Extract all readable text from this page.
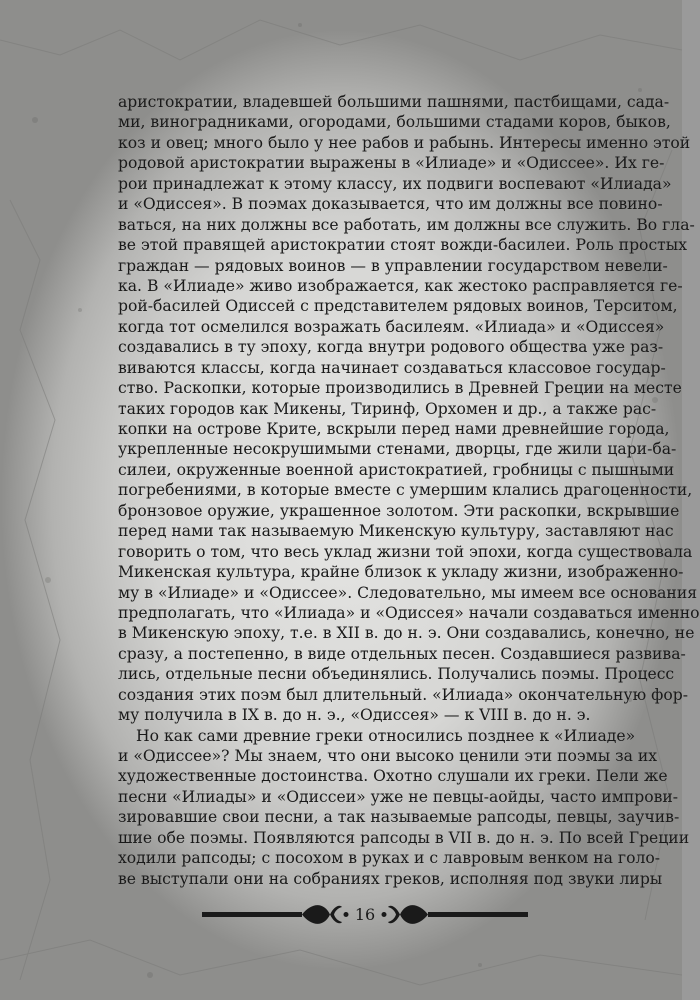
аристократии, владевшей большими пашнями, пастбищами, сада-
ми, виноградниками, огородами, большими стадами коров, быков,
коз и овец; много было у нее рабов и рабынь. Интересы именно этой
родовой аристократии выражены в «Илиаде» и «Одиссее». Их ге-
рои принадлежат к этому классу, их подвиги воспевают «Илиада»
и «Одиссея». В поэмах доказывается, что им должны все повино-
ваться, на них должны все работать, им должны все служить. Во гла-
ве этой правящей аристократии стоят вожди-басилеи. Роль простых
граждан — рядовых воинов — в управлении государством невели-
ка. В «Илиаде» живо изображается, как жестоко расправляется ге-
рой-басилей Одиссей с представителем рядовых воинов, Терситом,
когда тот осмелился возражать басилеям. «Илиада» и «Одиссея»
создавались в ту эпоху, когда внутри родового общества уже раз-
виваются классы, когда начинает создаваться классовое государ-
ство. Раскопки, которые производились в Древней Греции на месте
таких городов как Микены, Тиринф, Орхомен и др., а также рас-
копки на острове Крите, вскрыли перед нами древнейшие города,
укрепленные несокрушимыми стенами, дворцы, где жили цари-ба-
силеи, окруженные военной аристократией, гробницы с пышными
погребениями, в которые вместе с умершим клались драгоценности,
бронзовое оружие, украшенное золотом. Эти раскопки, вскрывшие
перед нами так называемую Микенскую культуру, заставляют нас
говорить о том, что весь уклад жизни той эпохи, когда существовала
Микенская культура, крайне близок к укладу жизни, изображенно-
му в «Илиаде» и «Одиссее». Следовательно, мы имеем все основания
предполагать, что «Илиада» и «Одиссея» начали создаваться именно
в Микенскую эпоху, т.е. в XII в. до н. э. Они создавались, конечно, не
сразу, а постепенно, в виде отдельных песен. Создавшиеся развива-
лись, отдельные песни объединялись. Получались поэмы. Процесс
создания этих поэм был длительный. «Илиада» окончательную фор-
му получила в IX в. до н. э., «Одиссея» — к VIII в. до н. э.
Но как сами древние греки относились позднее к «Илиаде»
и «Одиссее»? Мы знаем, что они высоко ценили эти поэмы за их
художественные достоинства. Охотно слушали их греки. Пели же
песни «Илиады» и «Одиссеи» уже не певцы-аойды, часто импрови-
зировавшие свои песни, а так называемые рапсоды, певцы, заучив-
шие обе поэмы. Появляются рапсоды в VII в. до н. э. По всей Греции
ходили рапсоды; с посохом в руках и с лавровым венком на голо-
ве выступали они на собраниях греков, исполняя под звуки лиры
16
